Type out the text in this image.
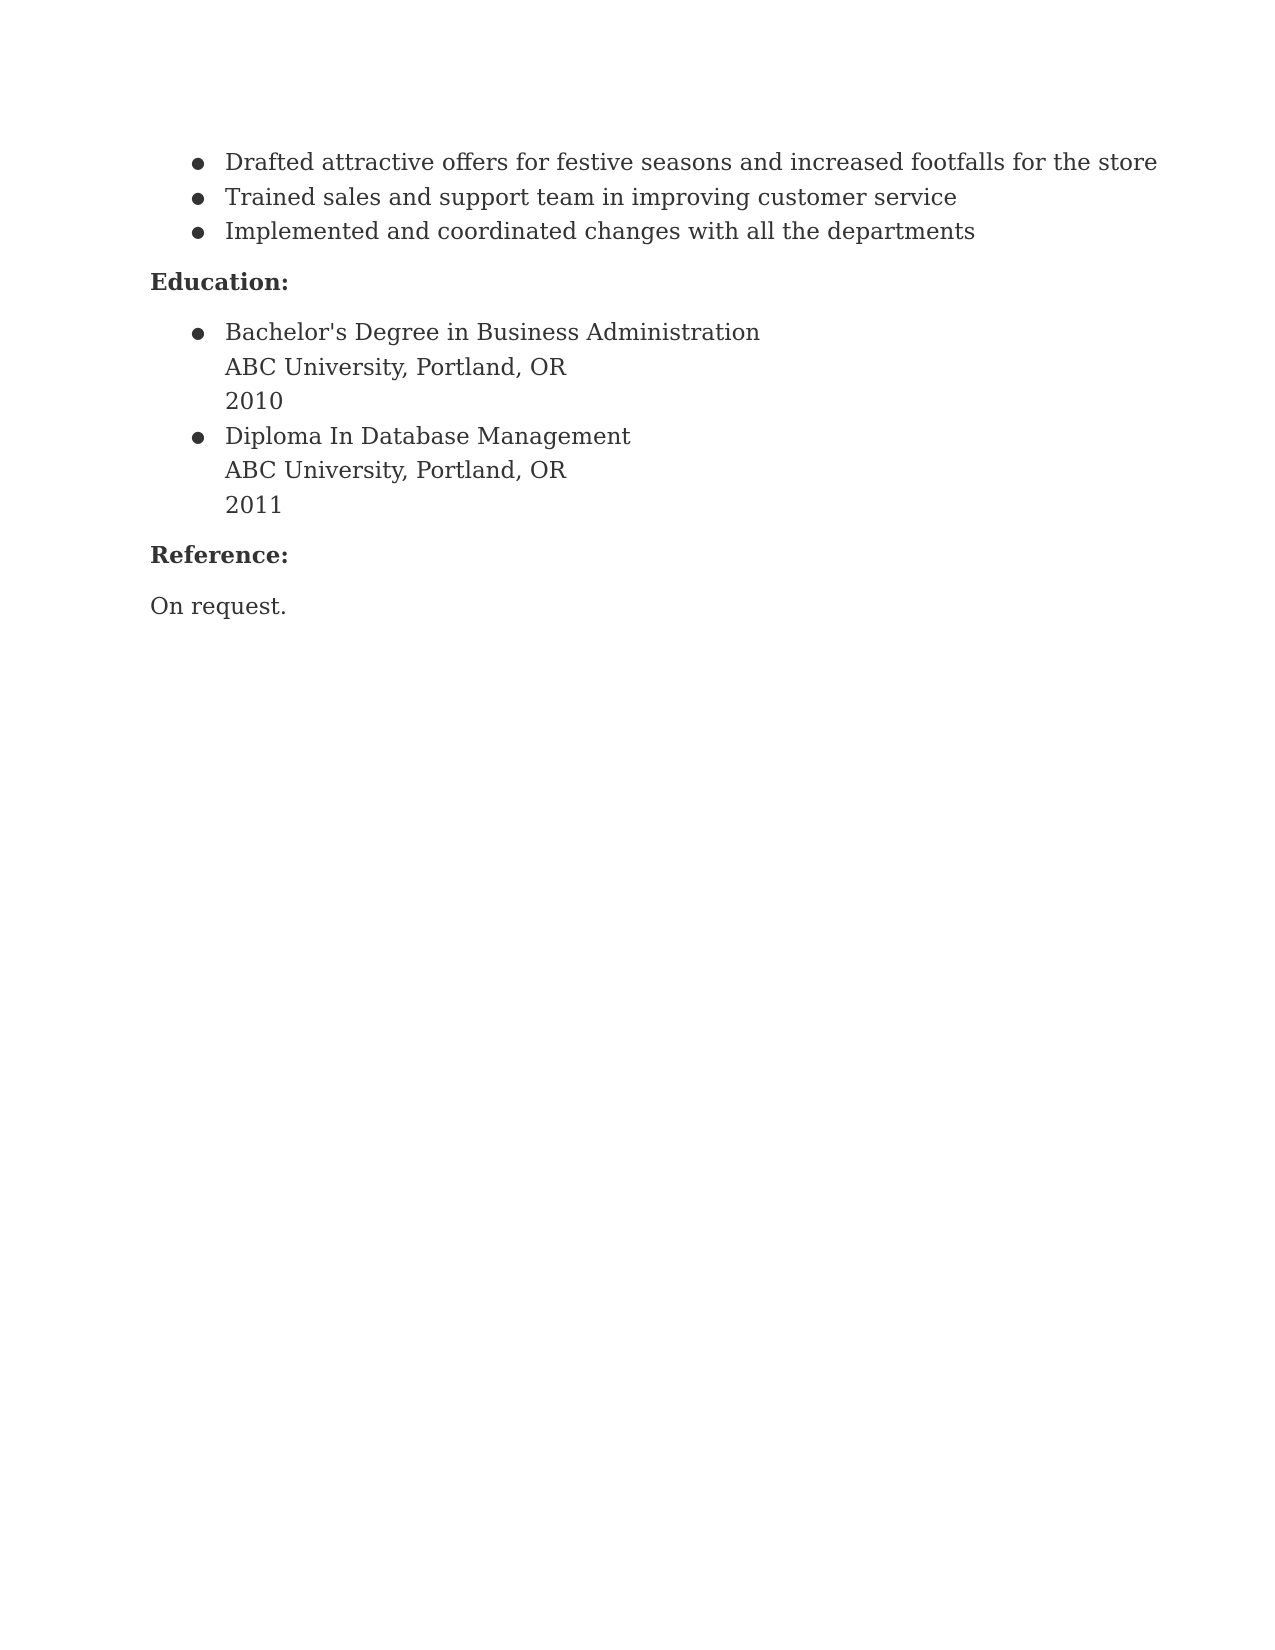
● Drafted attractive offers for festive seasons and increased footfalls for the store
● Trained sales and support team in improving customer service
● Implemented and coordinated changes with all the departments
Education:
● Bachelor's Degree in Business Administration
ABC University, Portland, OR
2010
● Diploma In Database Management
ABC University, Portland, OR
2011
Reference:

On request.
